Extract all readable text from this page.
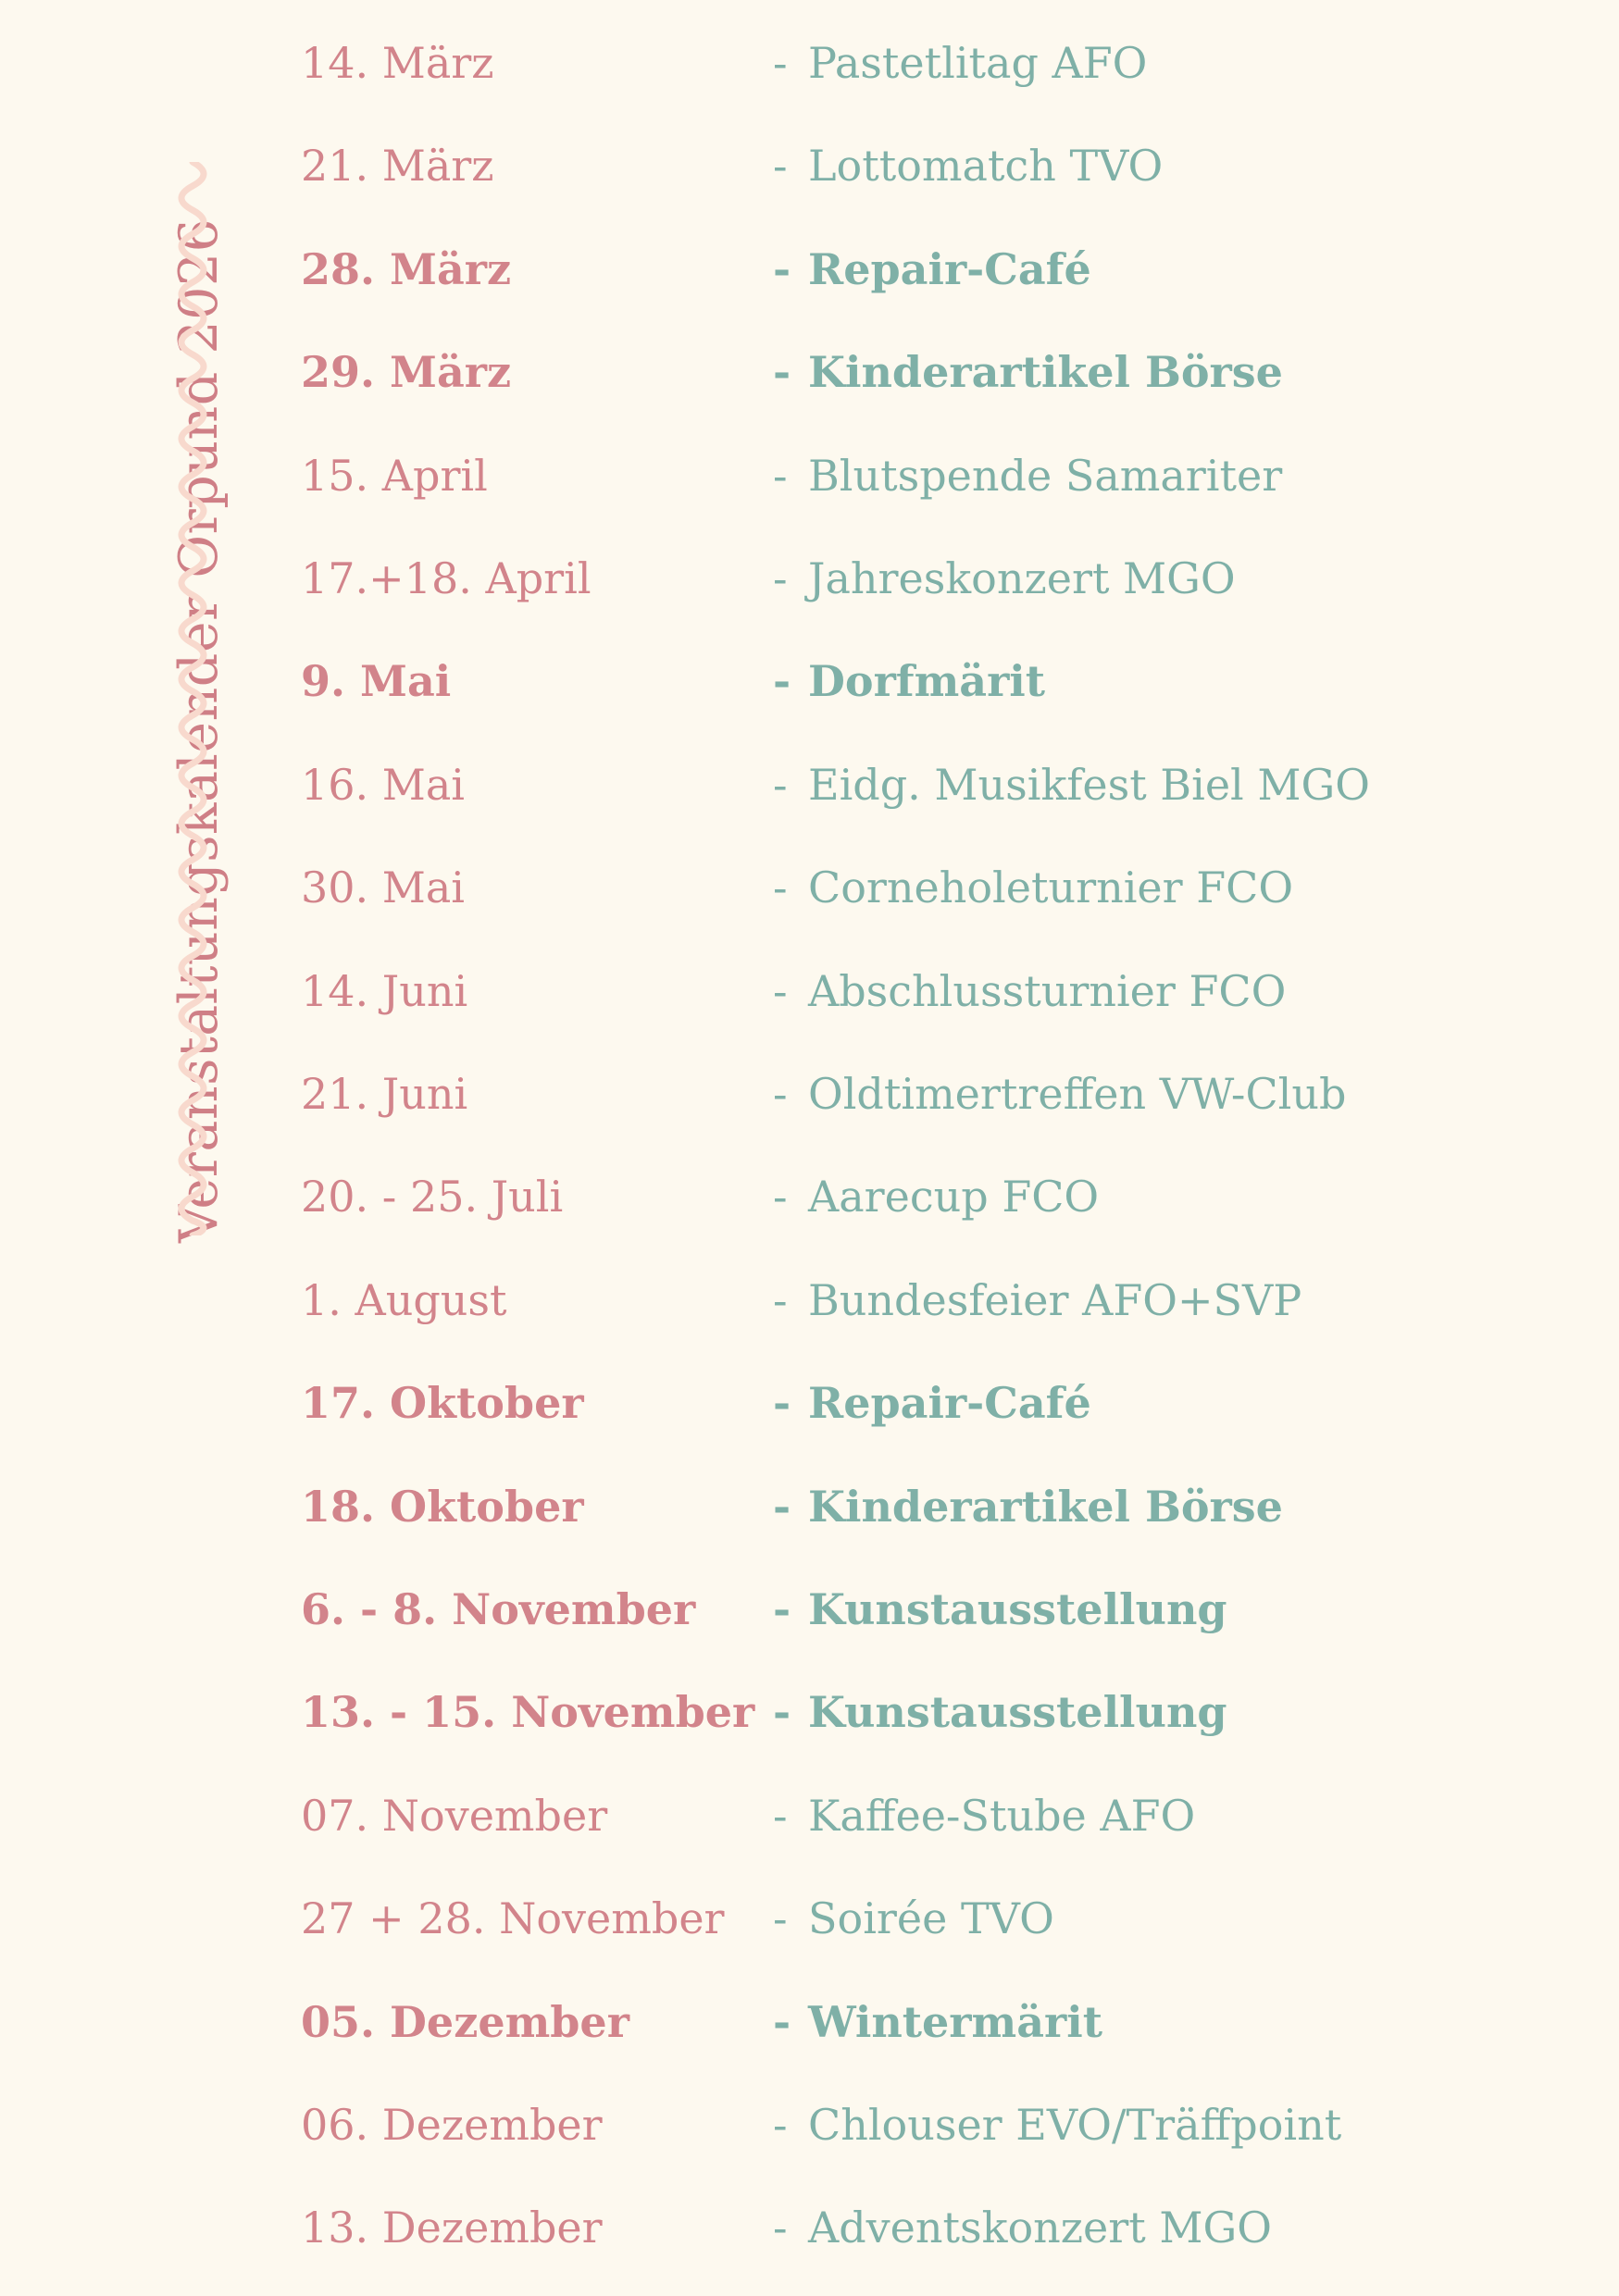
Veranstaltungskalender Orpund 2026
14. März	- Pastetlitag AFO
21. März	- Lottomatch TVO
28. März	- Repair-Café
29. März	- Kinderartikel Börse
15. April	- Blutspende Samariter
17.+18. April	- Jahreskonzert MGO
9. Mai	- Dorfmärit
16. Mai	- Eidg. Musikfest Biel MGO
30. Mai	- Corneholeturnier FCO
14. Juni	- Abschlussturnier FCO
21. Juni	- Oldtimertreffen VW-Club
20. - 25. Juli	- Aarecup FCO
1. August	- Bundesfeier AFO+SVP
17. Oktober	- Repair-Café
18. Oktober	- Kinderartikel Börse
6. - 8. November - Kunstausstellung
13. - 15. November - Kunstausstellung
07. November	- Kaffee-Stube AFO
27 + 28. November - Soirée TVO
05. Dezember	- Wintermärit
06. Dezember	- Chlouser EVO/Träffpoint
13. Dezember	- Adventskonzert MGO
